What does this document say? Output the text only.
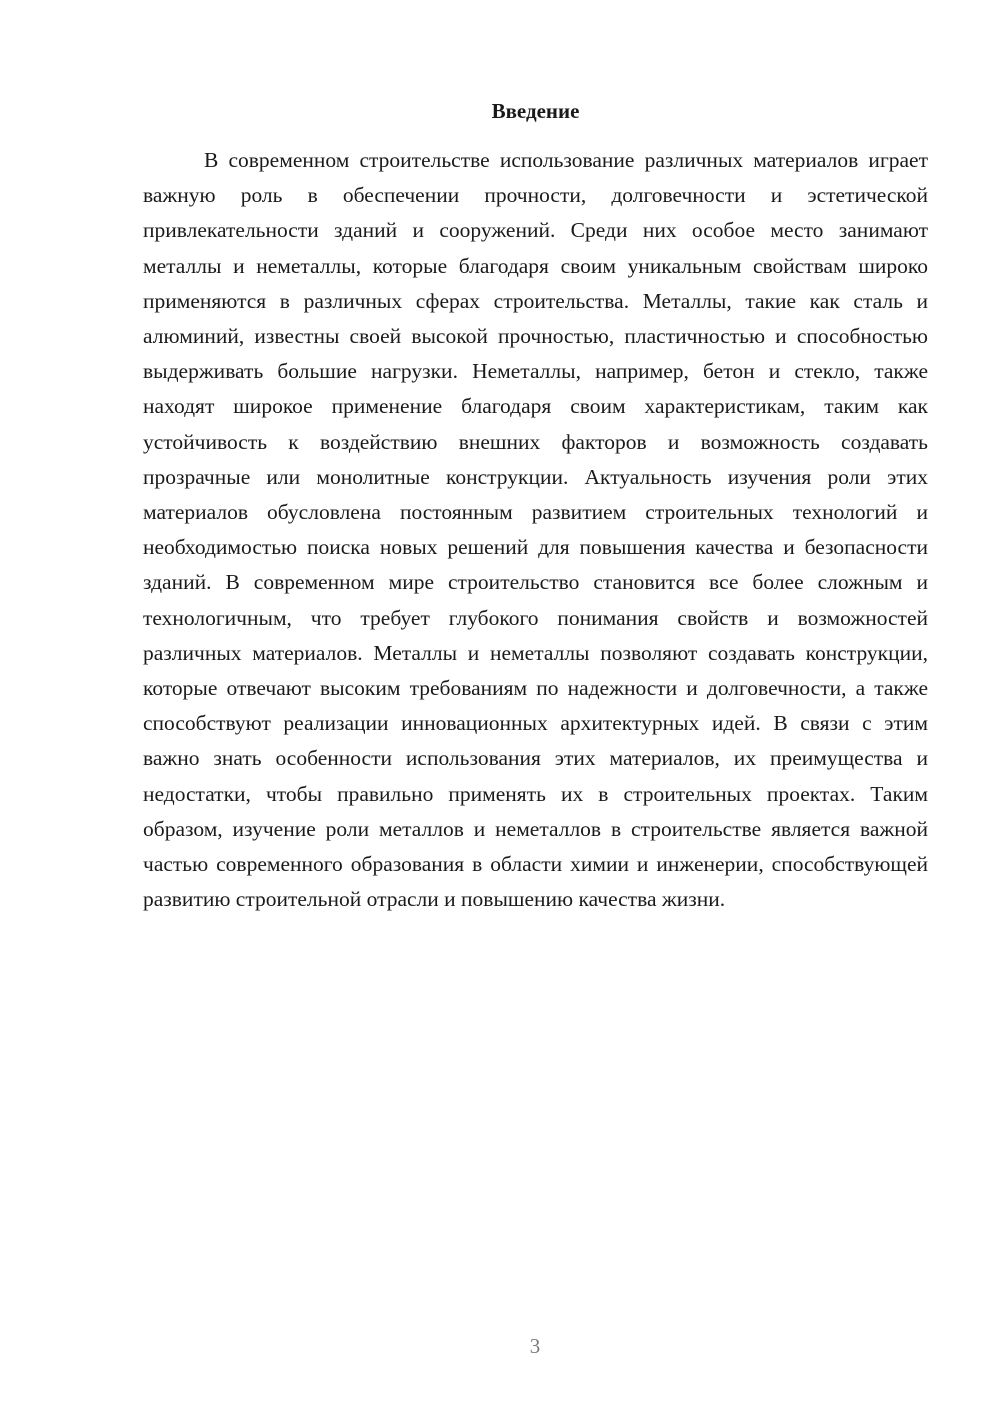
Введение

В современном строительстве использование различных материалов играет важную роль в обеспечении прочности, долговечности и эстетической привлекательности зданий и сооружений. Среди них особое место занимают металлы и неметаллы, которые благодаря своим уникальным свойствам широко применяются в различных сферах строительства. Металлы, такие как сталь и алюминий, известны своей высокой прочностью, пластичностью и способностью выдерживать большие нагрузки. Неметаллы, например, бетон и стекло, также находят широкое применение благодаря своим характеристикам, таким как устойчивость к воздействию внешних факторов и возможность создавать прозрачные или монолитные конструкции. Актуальность изучения роли этих материалов обусловлена постоянным развитием строительных технологий и необходимостью поиска новых решений для повышения качества и безопасности зданий. В современном мире строительство становится все более сложным и технологичным, что требует глубокого понимания свойств и возможностей различных материалов. Металлы и неметаллы позволяют создавать конструкции, которые отвечают высоким требованиям по надежности и долговечности, а также способствуют реализации инновационных архитектурных идей. В связи с этим важно знать особенности использования этих материалов, их преимущества и недостатки, чтобы правильно применять их в строительных проектах. Таким образом, изучение роли металлов и неметаллов в строительстве является важной частью современного образования в области химии и инженерии, способствующей развитию строительной отрасли и повышению качества жизни.

3
